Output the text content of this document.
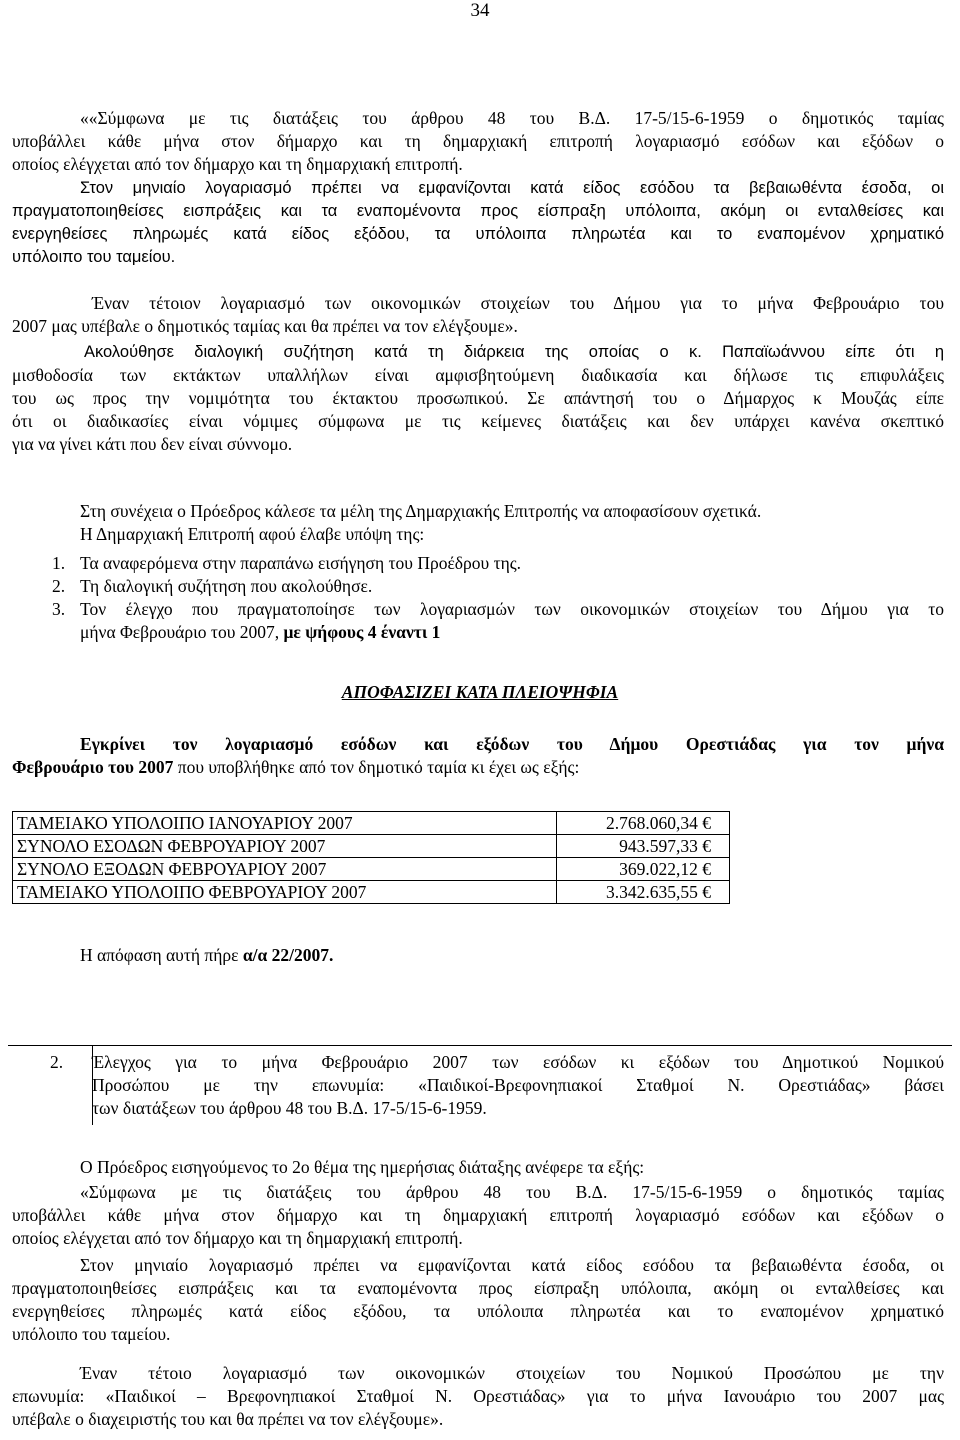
34
««Σύμφωνα με τις διατάξεις του άρθρου 48 του Β.Δ. 17-5/15-6-1959 ο δημοτικός ταμίας
υποβάλλει κάθε μήνα στον δήμαρχο και τη δημαρχιακή επιτροπή λογαριασμό εσόδων και εξόδων ο
οποίος ελέγχεται από τον δήμαρχο και τη δημαρχιακή επιτροπή.
Στον μηνιαίο λογαριασμό πρέπει να εμφανίζονται κατά είδος εσόδου τα βεβαιωθέντα έσοδα, οι
πραγματοποιηθείσες εισπράξεις και τα εναπομένοντα προς είσπραξη υπόλοιπα, ακόμη οι ενταλθείσες και
ενεργηθείσες πληρωμές κατά είδος εξόδου, τα υπόλοιπα πληρωτέα και το εναπομένον χρηματικό
υπόλοιπο του ταμείου.
Έναν τέτοιον λογαριασμό των οικονομικών στοιχείων του Δήμου για το μήνα Φεβρουάριο του
2007 μας υπέβαλε ο δημοτικός ταμίας και θα πρέπει να τον ελέγξουμε».
Ακολούθησε διαλογική συζήτηση κατά τη διάρκεια της οποίας ο κ. Παπαϊωάννου είπε ότι η
μισθοδοσία των εκτάκτων υπαλλήλων είναι αμφισβητούμενη διαδικασία και δήλωσε τις επιφυλάξεις
του ως προς την νομιμότητα του έκτακτου προσωπικού. Σε απάντησή του ο Δήμαρχος κ Μουζάς είπε
ότι οι διαδικασίες είναι νόμιμες σύμφωνα με τις κείμενες διατάξεις και δεν υπάρχει κανένα σκεπτικό
για να γίνει κάτι που δεν είναι σύννομο.
Στη συνέχεια ο Πρόεδρος κάλεσε τα μέλη της Δημαρχιακής Επιτροπής να αποφασίσουν σχετικά.
Η Δημαρχιακή Επιτροπή αφού έλαβε υπόψη της:
1. Τα αναφερόμενα στην παραπάνω εισήγηση του Προέδρου της.
2. Τη διαλογική συζήτηση που ακολούθησε.
3. Τον έλεγχο που πραγματοποίησε των λογαριασμών των οικονομικών στοιχείων του Δήμου για το
μήνα Φεβρουάριο του 2007, με ψήφους 4 έναντι 1
ΑΠΟΦΑΣΙΖΕΙ ΚΑΤΑ ΠΛΕΙΟΨΗΦΙΑ
Εγκρίνει τον λογαριασμό εσόδων και εξόδων του Δήμου Ορεστιάδας για τον μήνα
Φεβρουάριο του 2007 που υποβλήθηκε από τον δημοτικό ταμία κι έχει ως εξής:
ΤΑΜΕΙΑΚΟ ΥΠΟΛΟΙΠΟ ΙΑΝΟΥΑΡΙΟΥ 2007	2.768.060,34 €
ΣΥΝΟΛΟ ΕΣΟΔΩΝ ΦΕΒΡΟΥΑΡΙΟΥ 2007	943.597,33 €
ΣΥΝΟΛΟ ΕΞΟΔΩΝ ΦΕΒΡΟΥΑΡΙΟΥ 2007	369.022,12 €
ΤΑΜΕΙΑΚΟ ΥΠΟΛΟΙΠΟ ΦΕΒΡΟΥΑΡΙΟΥ 2007	3.342.635,55 €
Η απόφαση αυτή πήρε α/α 22/2007.
2. Έλεγχος για το μήνα Φεβρουάριο 2007 των εσόδων κι εξόδων του Δημοτικού Νομικού
Προσώπου με την επωνυμία: «Παιδικοί-Βρεφονηπιακοί Σταθμοί Ν. Ορεστιάδας» βάσει
των διατάξεων του άρθρου 48 του Β.Δ. 17-5/15-6-1959.
Ο Πρόεδρος εισηγούμενος το 2ο θέμα της ημερήσιας διάταξης ανέφερε τα εξής:
«Σύμφωνα με τις διατάξεις του άρθρου 48 του Β.Δ. 17-5/15-6-1959 ο δημοτικός ταμίας
υποβάλλει κάθε μήνα στον δήμαρχο και τη δημαρχιακή επιτροπή λογαριασμό εσόδων και εξόδων ο
οποίος ελέγχεται από τον δήμαρχο και τη δημαρχιακή επιτροπή.
Στον μηνιαίο λογαριασμό πρέπει να εμφανίζονται κατά είδος εσόδου τα βεβαιωθέντα έσοδα, οι
πραγματοποιηθείσες εισπράξεις και τα εναπομένοντα προς είσπραξη υπόλοιπα, ακόμη οι ενταλθείσες και
ενεργηθείσες πληρωμές κατά είδος εξόδου, τα υπόλοιπα πληρωτέα και το εναπομένον χρηματικό
υπόλοιπο του ταμείου.
Έναν τέτοιο λογαριασμό των οικονομικών στοιχείων του Νομικού Προσώπου με την
επωνυμία: «Παιδικοί – Βρεφονηπιακοί Σταθμοί Ν. Ορεστιάδας» για το μήνα Ιανουάριο του 2007 μας
υπέβαλε ο διαχειριστής του και θα πρέπει να τον ελέγξουμε».
